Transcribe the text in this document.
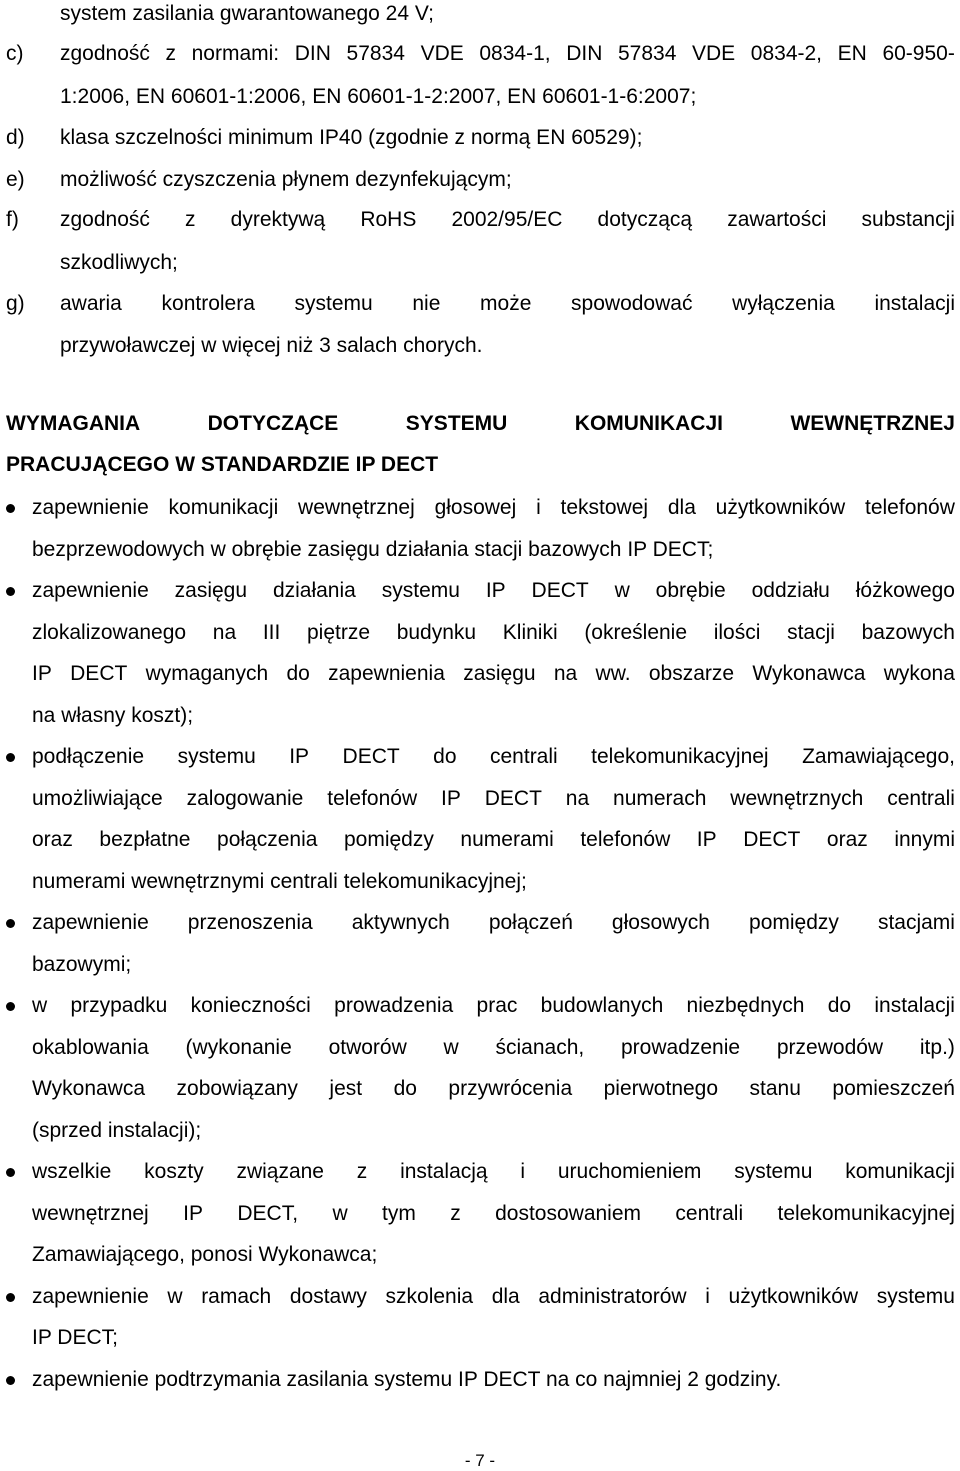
system zasilania gwarantowanego 24 V;
c) zgodność z normami: DIN 57834 VDE 0834-1, DIN 57834 VDE 0834-2, EN 60-950-
1:2006, EN 60601-1:2006, EN 60601-1-2:2007, EN 60601-1-6:2007;
d) klasa szczelności minimum IP40 (zgodnie z normą EN 60529);
e) możliwość czyszczenia płynem dezynfekującym;
f) zgodność z dyrektywą RoHS 2002/95/EC dotyczącą zawartości substancji
szkodliwych;
g) awaria kontrolera systemu nie może spowodować wyłączenia instalacji
przywoławczej w więcej niż 3 salach chorych.
WYMAGANIA	DOTYCZĄCE	SYSTEMU	KOMUNIKACJI	WEWNĘTRZNEJ
PRACUJĄCEGO W STANDARDZIE IP DECT
zapewnienie komunikacji wewnętrznej głosowej i tekstowej dla użytkowników telefonów
bezprzewodowych w obrębie zasięgu działania stacji bazowych IP DECT;
zapewnienie zasięgu działania systemu IP DECT w obrębie oddziału łóżkowego
zlokalizowanego na III piętrze budynku Kliniki (określenie ilości stacji bazowych
IP DECT wymaganych do zapewnienia zasięgu na ww. obszarze Wykonawca wykona
na własny koszt);
podłączenie systemu IP DECT do centrali telekomunikacyjnej Zamawiającego,
umożliwiające zalogowanie telefonów IP DECT na numerach wewnętrznych centrali
oraz bezpłatne połączenia pomiędzy numerami telefonów IP DECT oraz innymi
numerami wewnętrznymi centrali telekomunikacyjnej;
zapewnienie przenoszenia aktywnych połączeń głosowych pomiędzy stacjami
bazowymi;
w przypadku konieczności prowadzenia prac budowlanych niezbędnych do instalacji
okablowania (wykonanie otworów w ścianach, prowadzenie przewodów itp.)
Wykonawca zobowiązany jest do przywrócenia pierwotnego stanu pomieszczeń
(sprzed instalacji);
wszelkie koszty związane z instalacją i uruchomieniem systemu komunikacji
wewnętrznej IP DECT, w tym z dostosowaniem centrali telekomunikacyjnej
Zamawiającego, ponosi Wykonawca;
zapewnienie w ramach dostawy szkolenia dla administratorów i użytkowników systemu
IP DECT;
zapewnienie podtrzymania zasilania systemu IP DECT na co najmniej 2 godziny.
- 7 -
